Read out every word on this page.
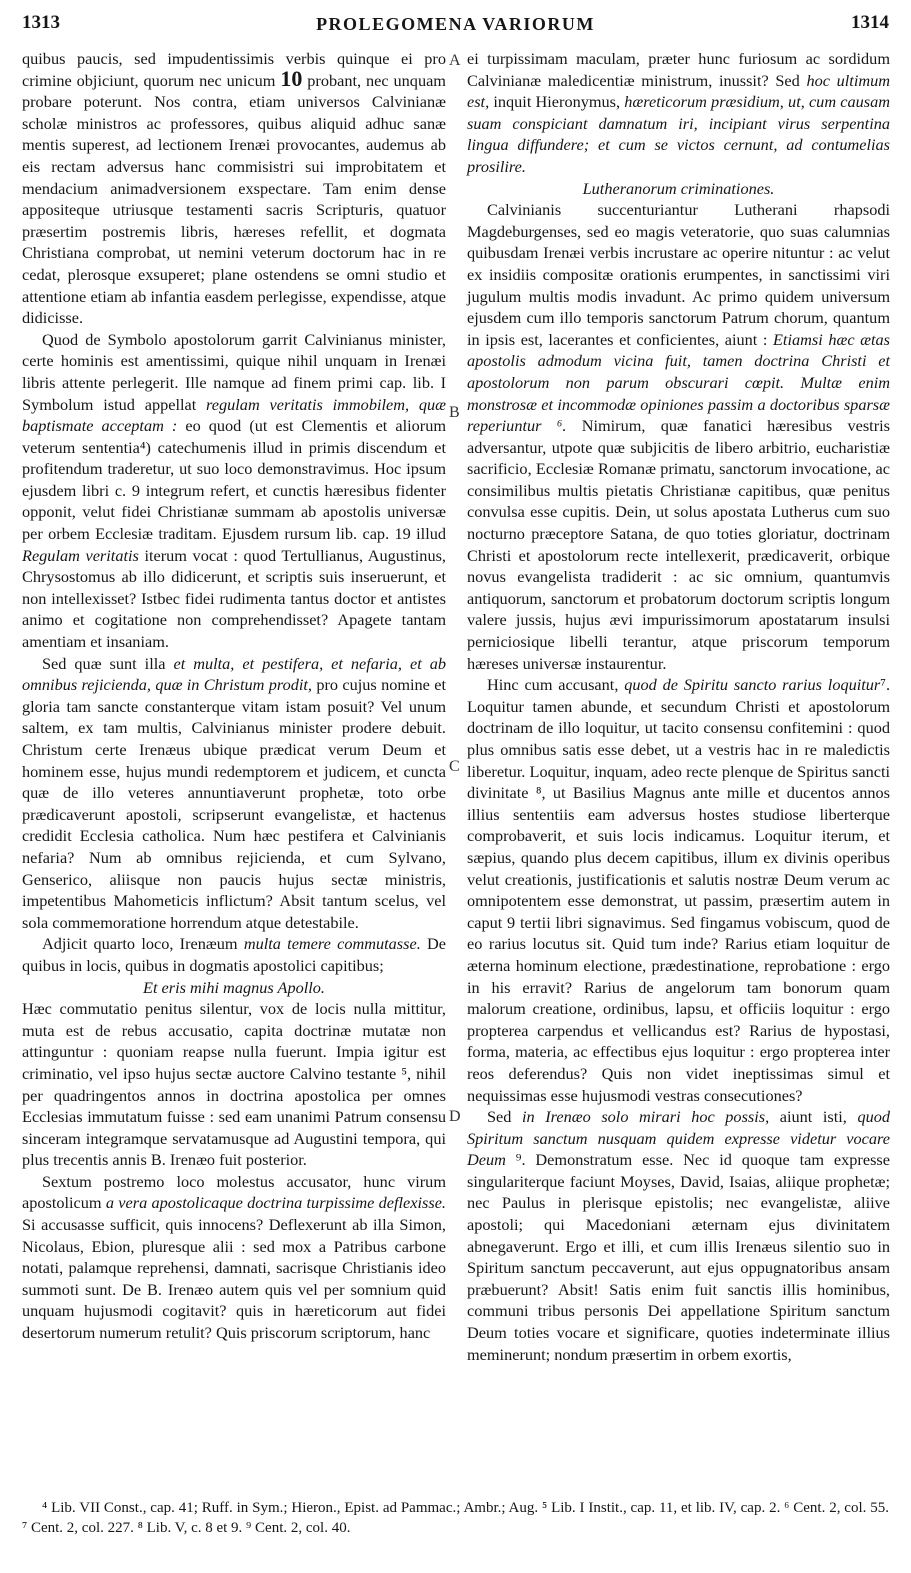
1313	PROLEGOMENA VARIORUM	1314

quibus paucis, sed impudentissimis verbis quinque ei pro crimine objiciunt, quorum nec unicum 10 probant, nec unquam probare poterunt. Nos contra, etiam universos Calvinianæ scholæ ministros ac professores, quibus aliquid adhuc sanæ mentis superest, ad lectionem Irenæi provocantes, audemus ab eis rectam adversus hanc commisistri sui improbitatem et mendacium animadversionem exspectare. Tam enim dense appositeque utriusque testamenti sacris Scripturis, quatuor præsertim postremis libris, hæreses refellit, et dogmata Christiana comprobat, ut nemini veterum doctorum hac in re cedat, plerosque exsuperet; plane ostendens se omni studio et attentione etiam ab infantia easdem perlegisse, expendisse, atque didicisse.

Quod de Symbolo apostolorum garrit Calvinianus minister, certe hominis est amentissimi, quique nihil unquam in Irenæi libris attente perlegerit. Ille namque ad finem primi cap. lib. I Symbolum istud appellat regulam veritatis immobilem, quæ baptismate acceptam : eo quod (ut est Clementis et aliorum veterum sententia⁴) catechumenis illud in primis discendum et profitendum traderetur, ut suo loco demonstravimus. Hoc ipsum ejusdem libri c. 9 integrum refert, et cunctis hæresibus fidenter opponit, velut fidei Christianæ summam ab apostolis universæ per orbem Ecclesiæ traditam. Ejusdem rursum lib. cap. 19 illud Regulam veritatis iterum vocat : quod Tertullianus, Augustinus, Chrysostomus ab illo didicerunt, et scriptis suis inseruerunt, et non intellexisset? Istbec fidei rudimenta tantus doctor et antistes animo et cogitatione non comprehendisset? Apagete tantam amentiam et insaniam.

Sed quæ sunt illa et multa, et pestifera, et nefaria, et ab omnibus rejicienda, quæ in Christum prodit, pro cujus nomine et gloria tam sancte constanterque vitam istam posuit? Vel unum saltem, ex tam multis, Calvinianus minister prodere debuit. Christum certe Irenæus ubique prædicat verum Deum et hominem esse, hujus mundi redemptorem et judicem, et cuncta quæ de illo veteres annuntiaverunt prophetæ, toto orbe prædicaverunt apostoli, scripserunt evangelistæ, et hactenus credidit Ecclesia catholica. Num hæc pestifera et Calvinianis nefaria? Num ab omnibus rejicienda, et cum Sylvano, Genserico, aliisque non paucis hujus sectæ ministris, impetentibus Mahometicis inflictum? Absit tantum scelus, vel sola commemoratione horrendum atque detestabile.

Adjicit quarto loco, Irenæum multa temere commutasse. De quibus in locis, quibus in dogmatis apostolici capitibus;

Et eris mihi magnus Apollo.

Hæc commutatio penitus silentur, vox de locis nulla mittitur, muta est de rebus accusatio, capita doctrinæ mutatæ non attinguntur : quoniam reapse nulla fuerunt. Impia igitur est criminatio, vel ipso hujus sectæ auctore Calvino testante ⁵, nihil per quadringentos annos in doctrina apostolica per omnes Ecclesias immutatum fuisse : sed eam unanimi Patrum consensu sinceram integramque servatamusque ad Augustini tempora, qui plus trecentis annis B. Irenæo fuit posterior.

Sextum postremo loco molestus accusator, hunc virum apostolicum a vera apostolicaque doctrina turpissime deflexisse. Si accusasse sufficit, quis innocens? Deflexerunt ab illa Simon, Nicolaus, Ebion, pluresque alii : sed mox a Patribus carbone notati, palamque reprehensi, damnati, sacrisque Christianis ideo summoti sunt. De B. Irenæo autem quis vel per somnium quid unquam hujusmodi cogitavit? quis in hæreticorum aut fidei desertorum numerum retulit? Quis priscorum scriptorum, hanc

A
B
C
D

ei turpissimam maculam, præter hunc furiosum ac sordidum Calvinianæ maledicentiæ ministrum, inussit? Sed hoc ultimum est, inquit Hieronymus, hæreticorum præsidium, ut, cum causam suam conspiciant damnatum iri, incipiant virus serpentina lingua diffundere; et cum se victos cernunt, ad contumelias prosilire.

Lutheranorum criminationes.

Calvinianis succenturiantur Lutherani rhapsodi Magdeburgenses, sed eo magis veteratorie, quo suas calumnias quibusdam Irenæi verbis incrustare ac operire nituntur : ac velut ex insidiis compositæ orationis erumpentes, in sanctissimi viri jugulum multis modis invadunt. Ac primo quidem universum ejusdem cum illo temporis sanctorum Patrum chorum, quantum in ipsis est, lacerantes et conficientes, aiunt : Etiamsi hæc ætas apostolis admodum vicina fuit, tamen doctrina Christi et apostolorum non parum obscurari cœpit. Multæ enim monstrosæ et incommodæ opiniones passim a doctoribus sparsæ reperiuntur ⁶. Nimirum, quæ fanatici hæresibus vestris adversantur, utpote quæ subjicitis de libero arbitrio, eucharistiæ sacrificio, Ecclesiæ Romanæ primatu, sanctorum invocatione, ac consimilibus multis pietatis Christianæ capitibus, quæ penitus convulsa esse cupitis. Dein, ut solus apostata Lutherus cum suo nocturno præceptore Satana, de quo toties gloriatur, doctrinam Christi et apostolorum recte intellexerit, prædicaverit, orbique novus evangelista tradiderit : ac sic omnium, quantumvis antiquorum, sanctorum et probatorum doctorum scriptis longum valere jussis, hujus ævi impurissimorum apostatarum insulsi perniciosique libelli terantur, atque priscorum temporum hæreses universæ instaurentur.

Hinc cum accusant, quod de Spiritu sancto rarius loquitur⁷. Loquitur tamen abunde, et secundum Christi et apostolorum doctrinam de illo loquitur, ut tacito consensu confitemini : quod plus omnibus satis esse debet, ut a vestris hac in re maledictis liberetur. Loquitur, inquam, adeo recte plenque de Spiritus sancti divinitate ⁸, ut Basilius Magnus ante mille et ducentos annos illius sententiis eam adversus hostes studiose liberterque comprobaverit, et suis locis indicamus. Loquitur iterum, et sæpius, quando plus decem capitibus, illum ex divinis operibus velut creationis, justificationis et salutis nostræ Deum verum ac omnipotentem esse demonstrat, ut passim, præsertim autem in caput 9 tertii libri signavimus. Sed fingamus vobiscum, quod de eo rarius locutus sit. Quid tum inde? Rarius etiam loquitur de æterna hominum electione, prædestinatione, reprobatione : ergo in his erravit? Rarius de angelorum tam bonorum quam malorum creatione, ordinibus, lapsu, et officiis loquitur : ergo propterea carpendus et vellicandus est? Rarius de hypostasi, forma, materia, ac effectibus ejus loquitur : ergo propterea inter reos deferendus? Quis non videt ineptissimas simul et nequissimas esse hujusmodi vestras consecutiones?

Sed in Irenæo solo mirari hoc possis, aiunt isti, quod Spiritum sanctum nusquam quidem expresse videtur vocare Deum ⁹. Demonstratum esse. Nec id quoque tam expresse singulariterque faciunt Moyses, David, Isaias, aliique prophetæ; nec Paulus in plerisque epistolis; nec evangelistæ, aliive apostoli; qui Macedoniani æternam ejus divinitatem abnegaverunt. Ergo et illi, et cum illis Irenæus silentio suo in Spiritum sanctum peccaverunt, aut ejus oppugnatoribus ansam præbuerunt? Absit! Satis enim fuit sanctis illis hominibus, communi tribus personis Dei appellatione Spiritum sanctum Deum toties vocare et significare, quoties indeterminate illius meminerunt; nondum præsertim in orbem exortis,

⁴ Lib. VII Const., cap. 41; Ruff. in Sym.; Hieron., Epist. ad Pammac.; Ambr.; Aug. ⁵ Lib. I Instit., cap. 11, et lib. IV, cap. 2. ⁶ Cent. 2, col. 55. ⁷ Cent. 2, col. 227. ⁸ Lib. V, c. 8 et 9. ⁹ Cent. 2, col. 40.
